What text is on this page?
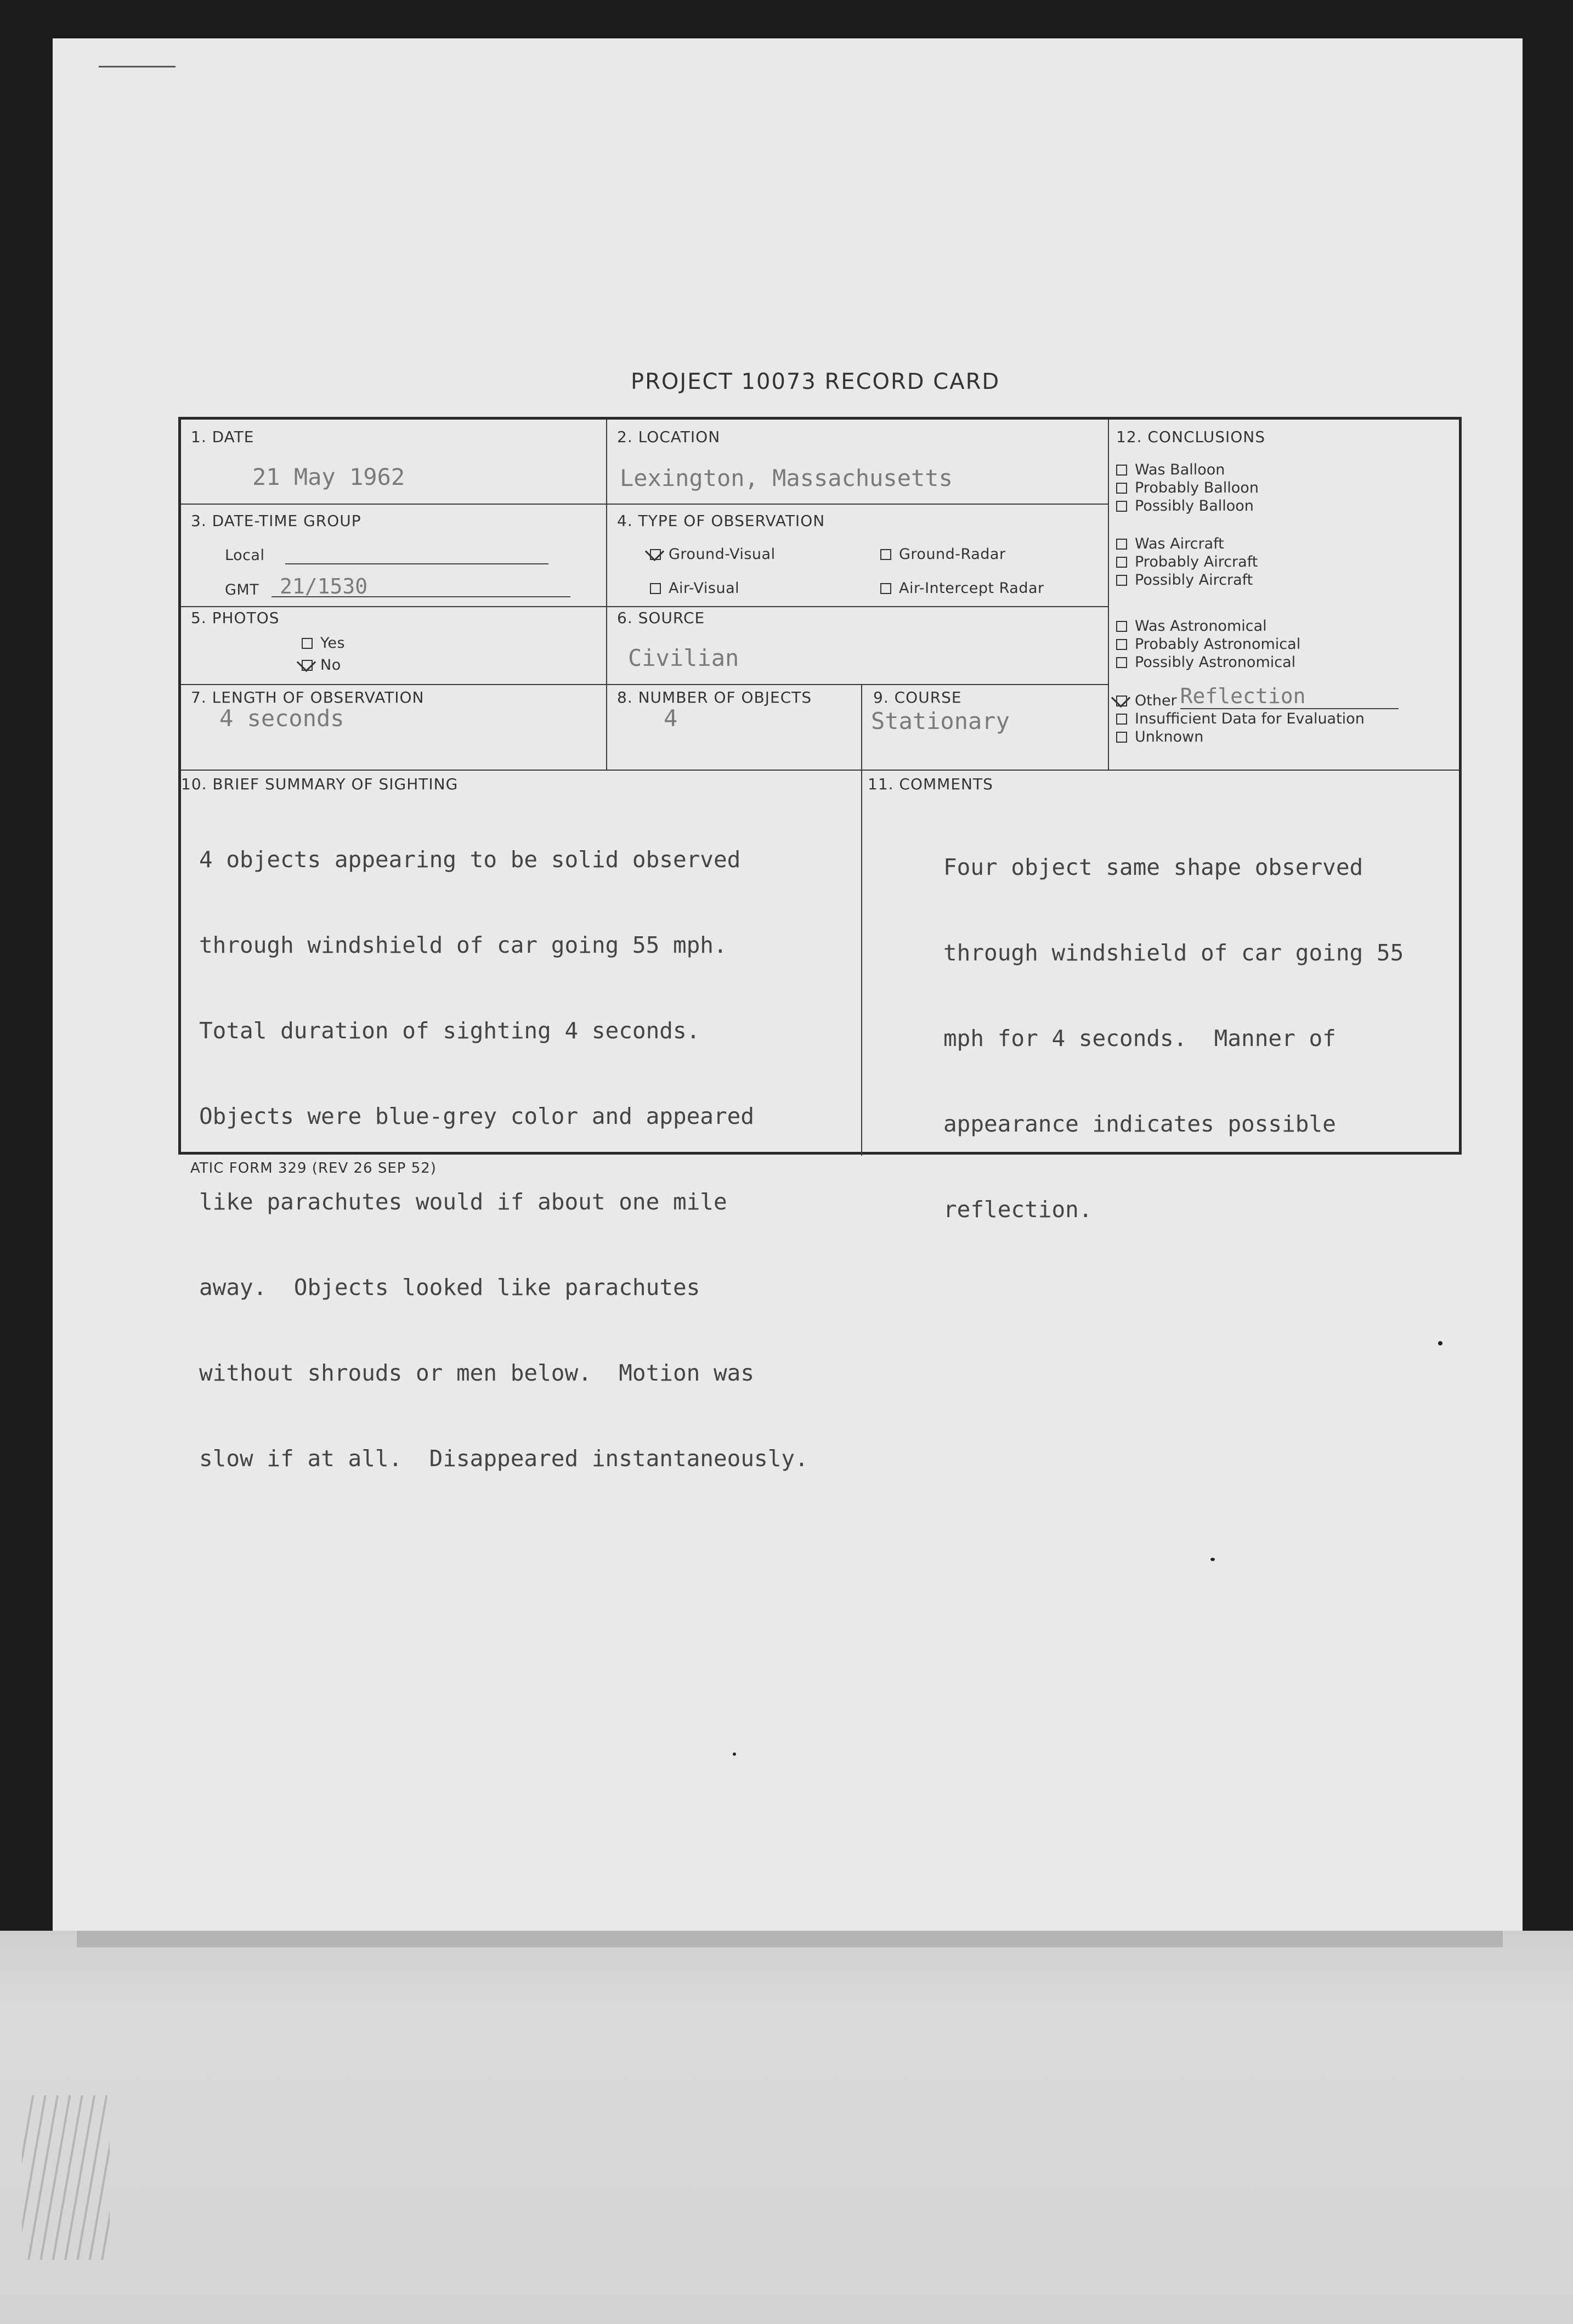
PROJECT 10073 RECORD CARD
1. DATE
21 May 1962
2. LOCATION
Lexington, Massachusetts
3. DATE-TIME GROUP
Local
GMT 21/1530
4. TYPE OF OBSERVATION
Ground-Visual	Ground-Radar
Air-Visual	Air-Intercept Radar
5. PHOTOS
Yes
No
6. SOURCE
Civilian
7. LENGTH OF OBSERVATION
4 seconds
8. NUMBER OF OBJECTS
4
9. COURSE
Stationary
12. CONCLUSIONS
Was Balloon
Probably Balloon
Possibly Balloon
Was Aircraft
Probably Aircraft
Possibly Aircraft
Was Astronomical
Probably Astronomical
Possibly Astronomical
Other Reflection
Insufficient Data for Evaluation
Unknown
10. BRIEF SUMMARY OF SIGHTING

4 objects appearing to be solid observed

through windshield of car going 55 mph.

Total duration of sighting 4 seconds.

Objects were blue-grey color and appeared

like parachutes would if about one mile

away.  Objects looked like parachutes

without shrouds or men below.  Motion was

slow if at all.  Disappeared instantaneously.

11. COMMENTS

Four object same shape observed

through windshield of car going 55

mph for 4 seconds.  Manner of

appearance indicates possible

reflection.

ATIC FORM 329 (REV 26 SEP 52)
